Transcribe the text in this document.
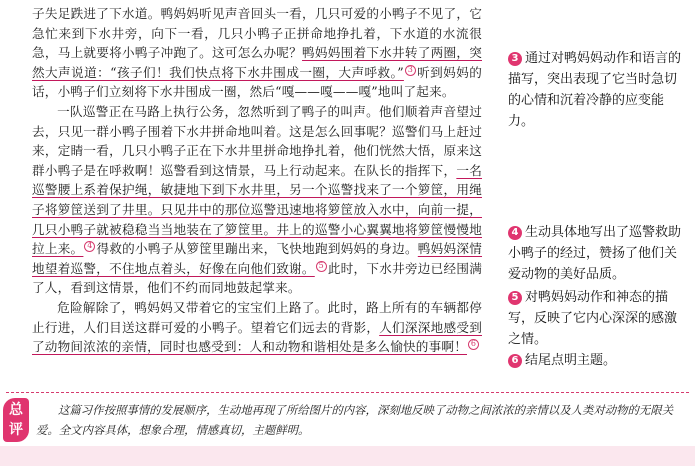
子失足跌进了下水道。鸭妈妈听见声音回头一看，几只可爱的小鸭子不见了，它急忙来到下水井旁，向下一看，几只小鸭子正拼命地挣扎着，下水道的水流很急，马上就要将小鸭子冲跑了。这可怎么办呢？鸭妈妈围着下水井转了两圈，突然大声说道：“孩子们！我们快点将下水井围成一圈，大声呼救。” 3 听到妈妈的话，小鸭子们立刻将下水井围成一圈，然后“嘎——嘎——嘎”地叫了起来。

一队巡警正在马路上执行公务，忽然听到了鸭子的叫声。他们顺着声音望过去，只见一群小鸭子围着下水井拼命地叫着。这是怎么回事呢？巡警们马上赶过来，定睛一看，几只小鸭子正在下水井里拼命地挣扎着，他们恍然大悟，原来这群小鸭子是在呼救啊！巡警看到这情景，马上行动起来。在队长的指挥下，一名巡警腰上系着保护绳，敏捷地下到下水井里，另一个巡警找来了一个箩筐，用绳子将箩筐送到了井里。只见井中的那位巡警迅速地将箩筐放入水中，向前一提，几只小鸭子就被稳稳当当地装在了箩筐里。井上的巡警小心翼翼地将箩筐慢慢地拉上来。 4 得救的小鸭子从箩筐里蹦出来，飞快地跑到妈妈的身边。鸭妈妈深情地望着巡警，不住地点着头，好像在向他们致谢。 5 此时，下水井旁边已经围满了人，看到这情景，他们不约而同地鼓起掌来。

危险解除了，鸭妈妈又带着它的宝宝们上路了。此时，路上所有的车辆都停止行进，人们目送这群可爱的小鸭子。望着它们远去的背影，人们深深地感受到了动物间浓浓的亲情，同时也感受到：人和动物和谐相处是多么愉快的事啊！ 6

3 通过对鸭妈妈动作和语言的描写，突出表现了它当时急切的心情和沉着冷静的应变能力。
4 生动具体地写出了巡警救助小鸭子的经过，赞扬了他们关爱动物的美好品质。
5 对鸭妈妈动作和神态的描写，反映了它内心深深的感激之情。
6 结尾点明主题。
总评
这篇习作按照事情的发展顺序，生动地再现了所给图片的内容，深刻地反映了动物之间浓浓的亲情以及人类对动物的无限关爱。全文内容具体，想象合理，情感真切，主题鲜明。
